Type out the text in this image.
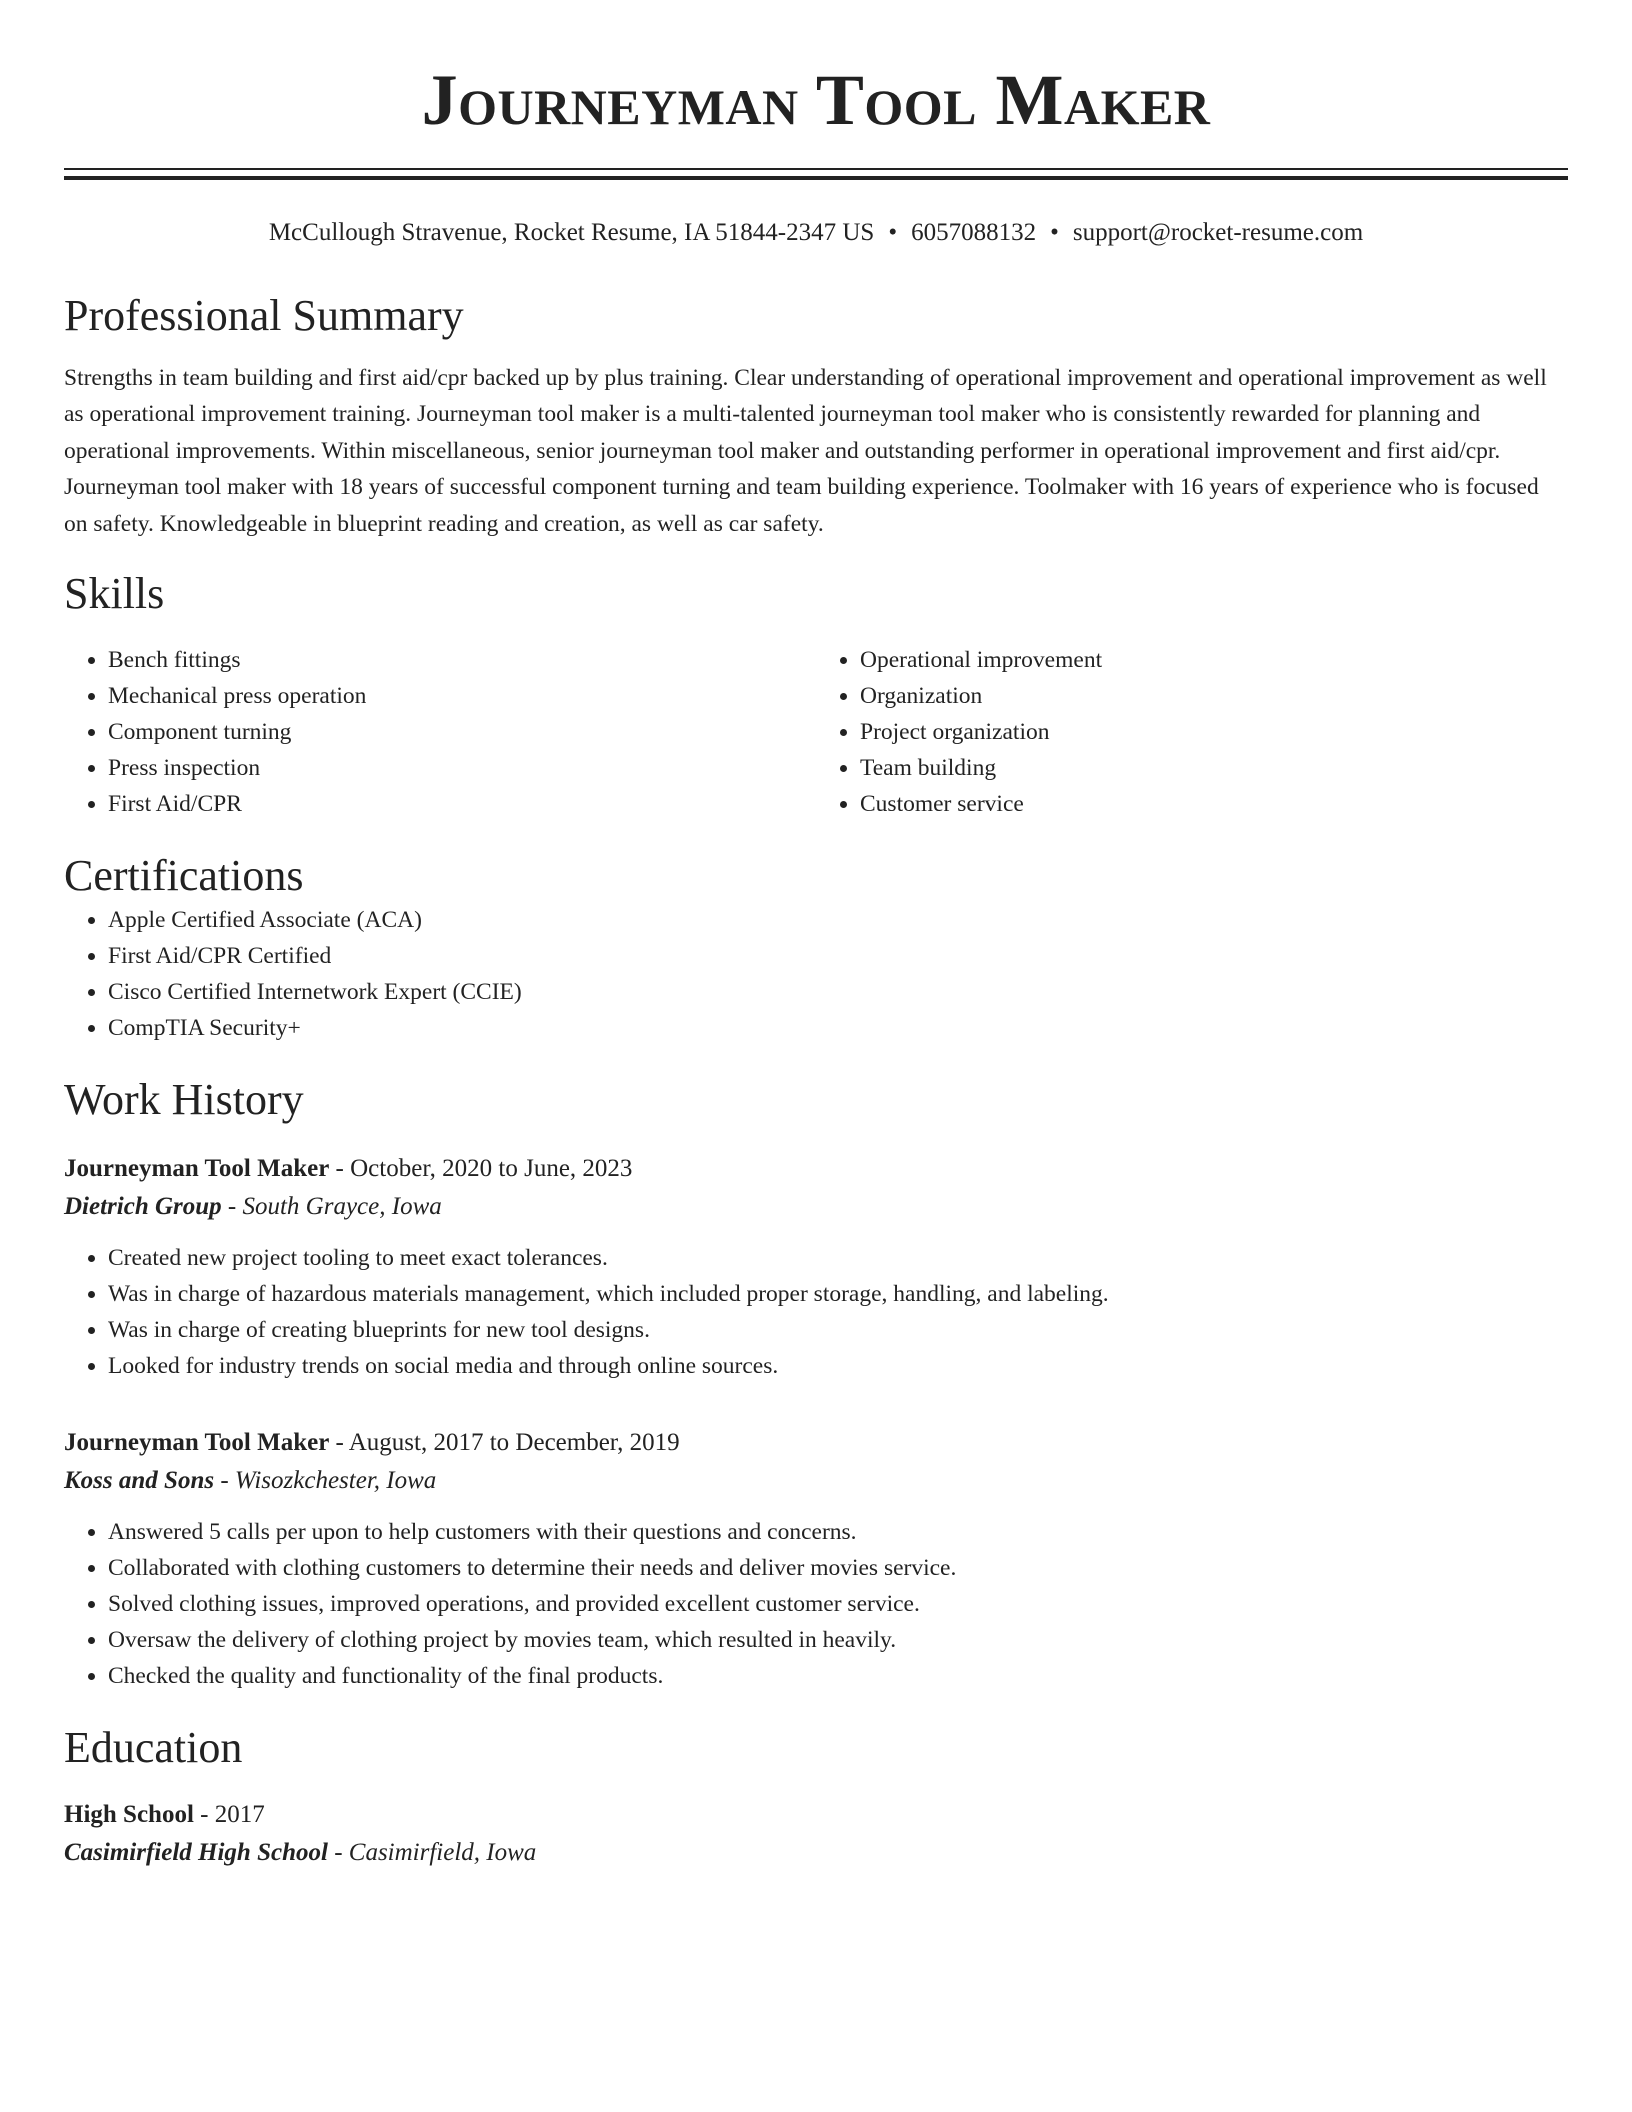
Journeyman Tool Maker
McCullough Stravenue, Rocket Resume, IA 51844-2347 US • 6057088132 • support@rocket-resume.com
Professional Summary

Strengths in team building and first aid/cpr backed up by plus training. Clear understanding of operational improvement and operational improvement as well as operational improvement training. Journeyman tool maker is a multi-talented journeyman tool maker who is consistently rewarded for planning and operational improvements. Within miscellaneous, senior journeyman tool maker and outstanding performer in operational improvement and first aid/cpr. Journeyman tool maker with 18 years of successful component turning and team building experience. Toolmaker with 16 years of experience who is focused on safety. Knowledgeable in blueprint reading and creation, as well as car safety.

Skills
• Bench fittings
• Mechanical press operation
• Component turning
• Press inspection
• First Aid/CPR
• Operational improvement
• Organization
• Project organization
• Team building
• Customer service
Certifications
• Apple Certified Associate (ACA)
• First Aid/CPR Certified
• Cisco Certified Internetwork Expert (CCIE)
• CompTIA Security+
Work History
Journeyman Tool Maker - October, 2020 to June, 2023
Dietrich Group - South Grayce, Iowa
• Created new project tooling to meet exact tolerances.
• Was in charge of hazardous materials management, which included proper storage, handling, and labeling.
• Was in charge of creating blueprints for new tool designs.
• Looked for industry trends on social media and through online sources.
Journeyman Tool Maker - August, 2017 to December, 2019
Koss and Sons - Wisozkchester, Iowa
• Answered 5 calls per upon to help customers with their questions and concerns.
• Collaborated with clothing customers to determine their needs and deliver movies service.
• Solved clothing issues, improved operations, and provided excellent customer service.
• Oversaw the delivery of clothing project by movies team, which resulted in heavily.
• Checked the quality and functionality of the final products.
Education
High School - 2017
Casimirfield High School - Casimirfield, Iowa
